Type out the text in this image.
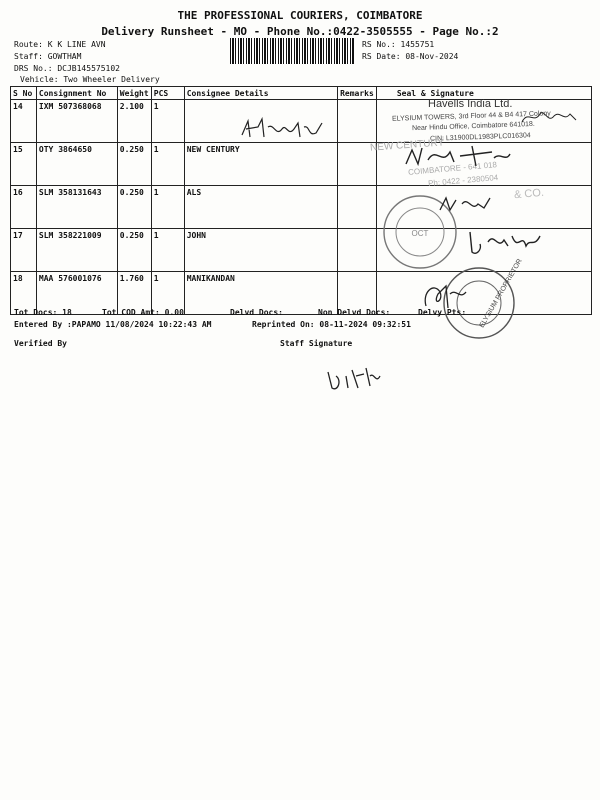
THE PROFESSIONAL COURIERS, COIMBATORE
Delivery Runsheet - MO - Phone No.:0422-3505555 - Page No.:2
Route: K K LINE AVN
Staff: GOWTHAM
DRS No.: DCJB145575102
Vehicle: Two Wheeler Delivery
RS No.: 1455751
RS Date: 08-Nov-2024
S No	Consignment No	Weight	PCS	Consignee Details	Remarks	Seal & Signature
14	IXM 507368068	2.100	1			
15	OTY 3864650	0.250	1	NEW CENTURY		
16	SLM 358131643	0.250	1	ALS		
17	SLM 358221009	0.250	1	JOHN		
18	MAA 576001076	1.760	1	MANIKANDAN		
Havells India Ltd.
ELYSIUM TOWERS, 3rd Floor 44 & B4 417 Colony
Near Hindu Office, Coimbatore 641018.
CIN: L31900DL1983PLC016304
NEW CENTURY
COIMBATORE - 641 018
Ph: 0422 - 2380504
& CO.
OCT
ELYSIUM PROPRIETOR
Tot Docs: 18	Tot COD Amt: 0.00	Delvd Docs:	Non Delvd Docs:	Delvy Pts:
Entered By :PAPAMO 11/08/2024 10:22:43 AM	Reprinted On: 08-11-2024 09:32:51
Verified By	Staff Signature
